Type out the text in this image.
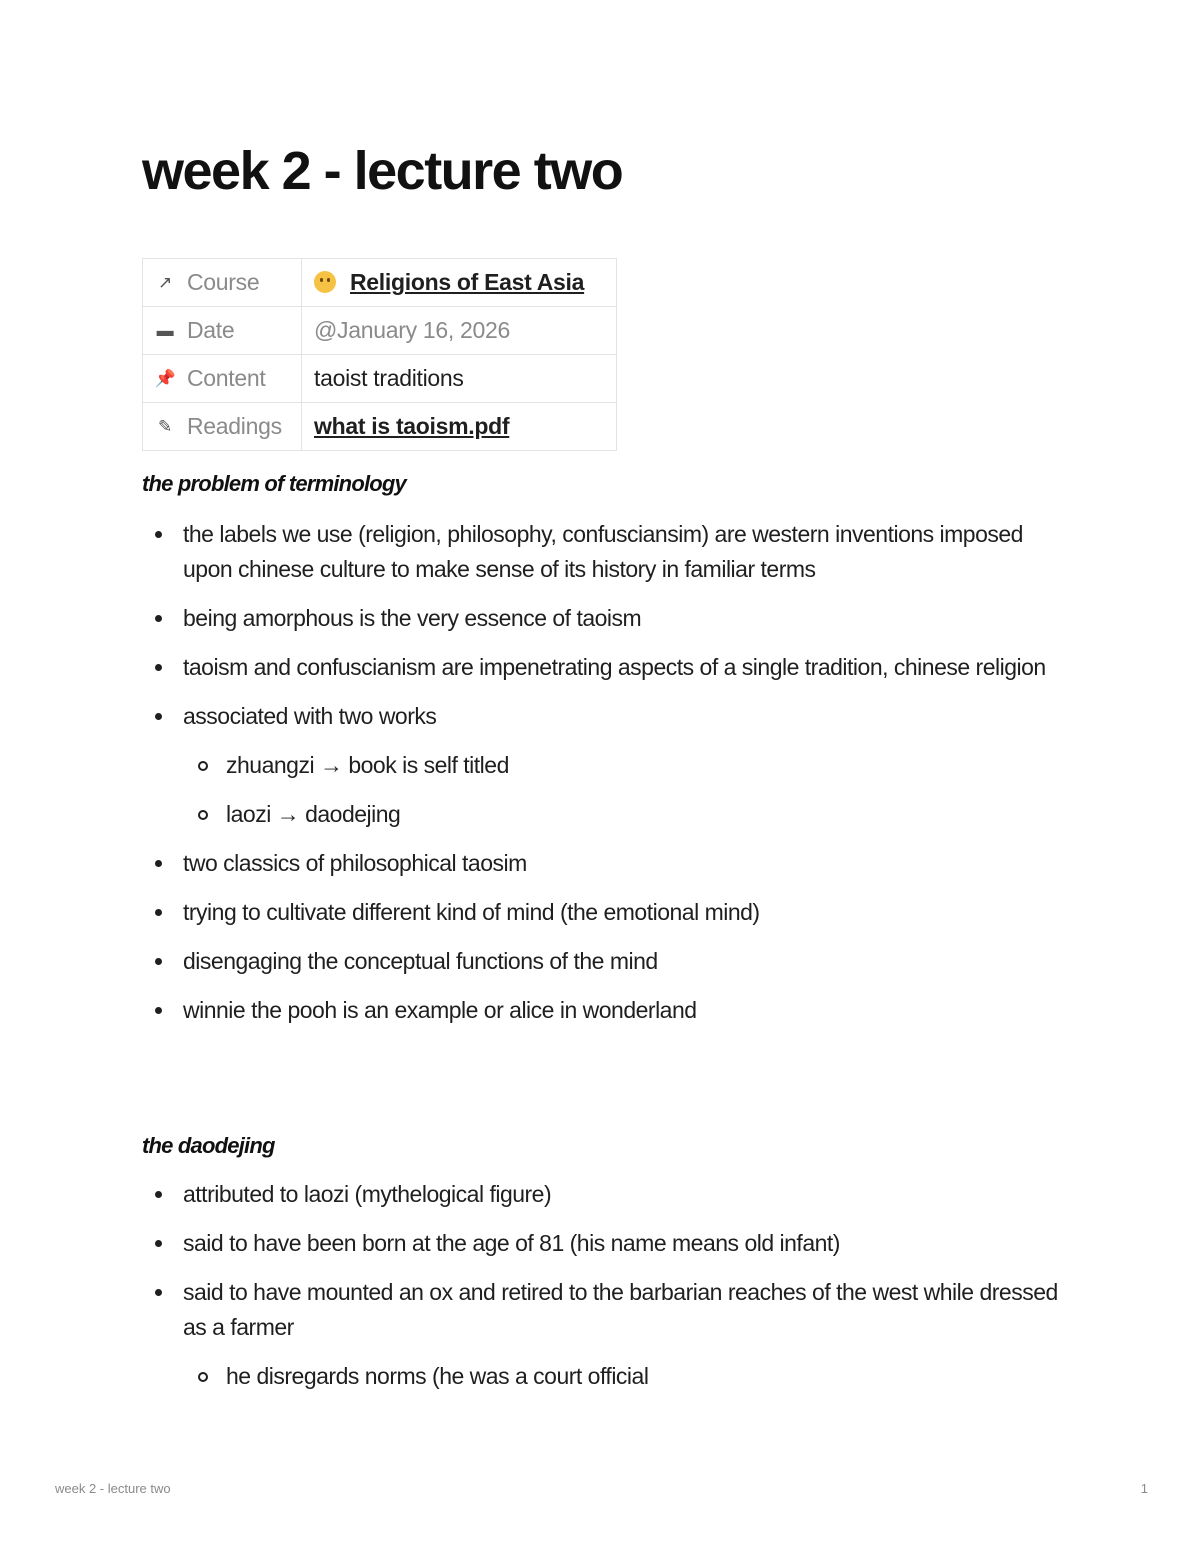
week 2 - lecture two
↗ Course	Religions of East Asia

▬ Date	@January 16, 2026

📌 Content	taoist traditions

✎ Readings	what is taoism.pdf
the problem of terminology
the labels we use (religion, philosophy, confusciansim) are western inventions imposed upon chinese culture to make sense of its history in familiar terms
being amorphous is the very essence of taoism
taoism and confuscianism are impenetrating aspects of a single tradition, chinese religion
associated with two works
zhuangzi → book is self titled
laozi → daodejing
two classics of philosophical taosim
trying to cultivate different kind of mind (the emotional mind)
disengaging the conceptual functions of the mind
winnie the pooh is an example or alice in wonderland
the daodejing
attributed to laozi (mythelogical figure)
said to have been born at the age of 81 (his name means old infant)
said to have mounted an ox and retired to the barbarian reaches of the west while dressed as a farmer
he disregards norms (he was a court official
week 2 - lecture two	1
